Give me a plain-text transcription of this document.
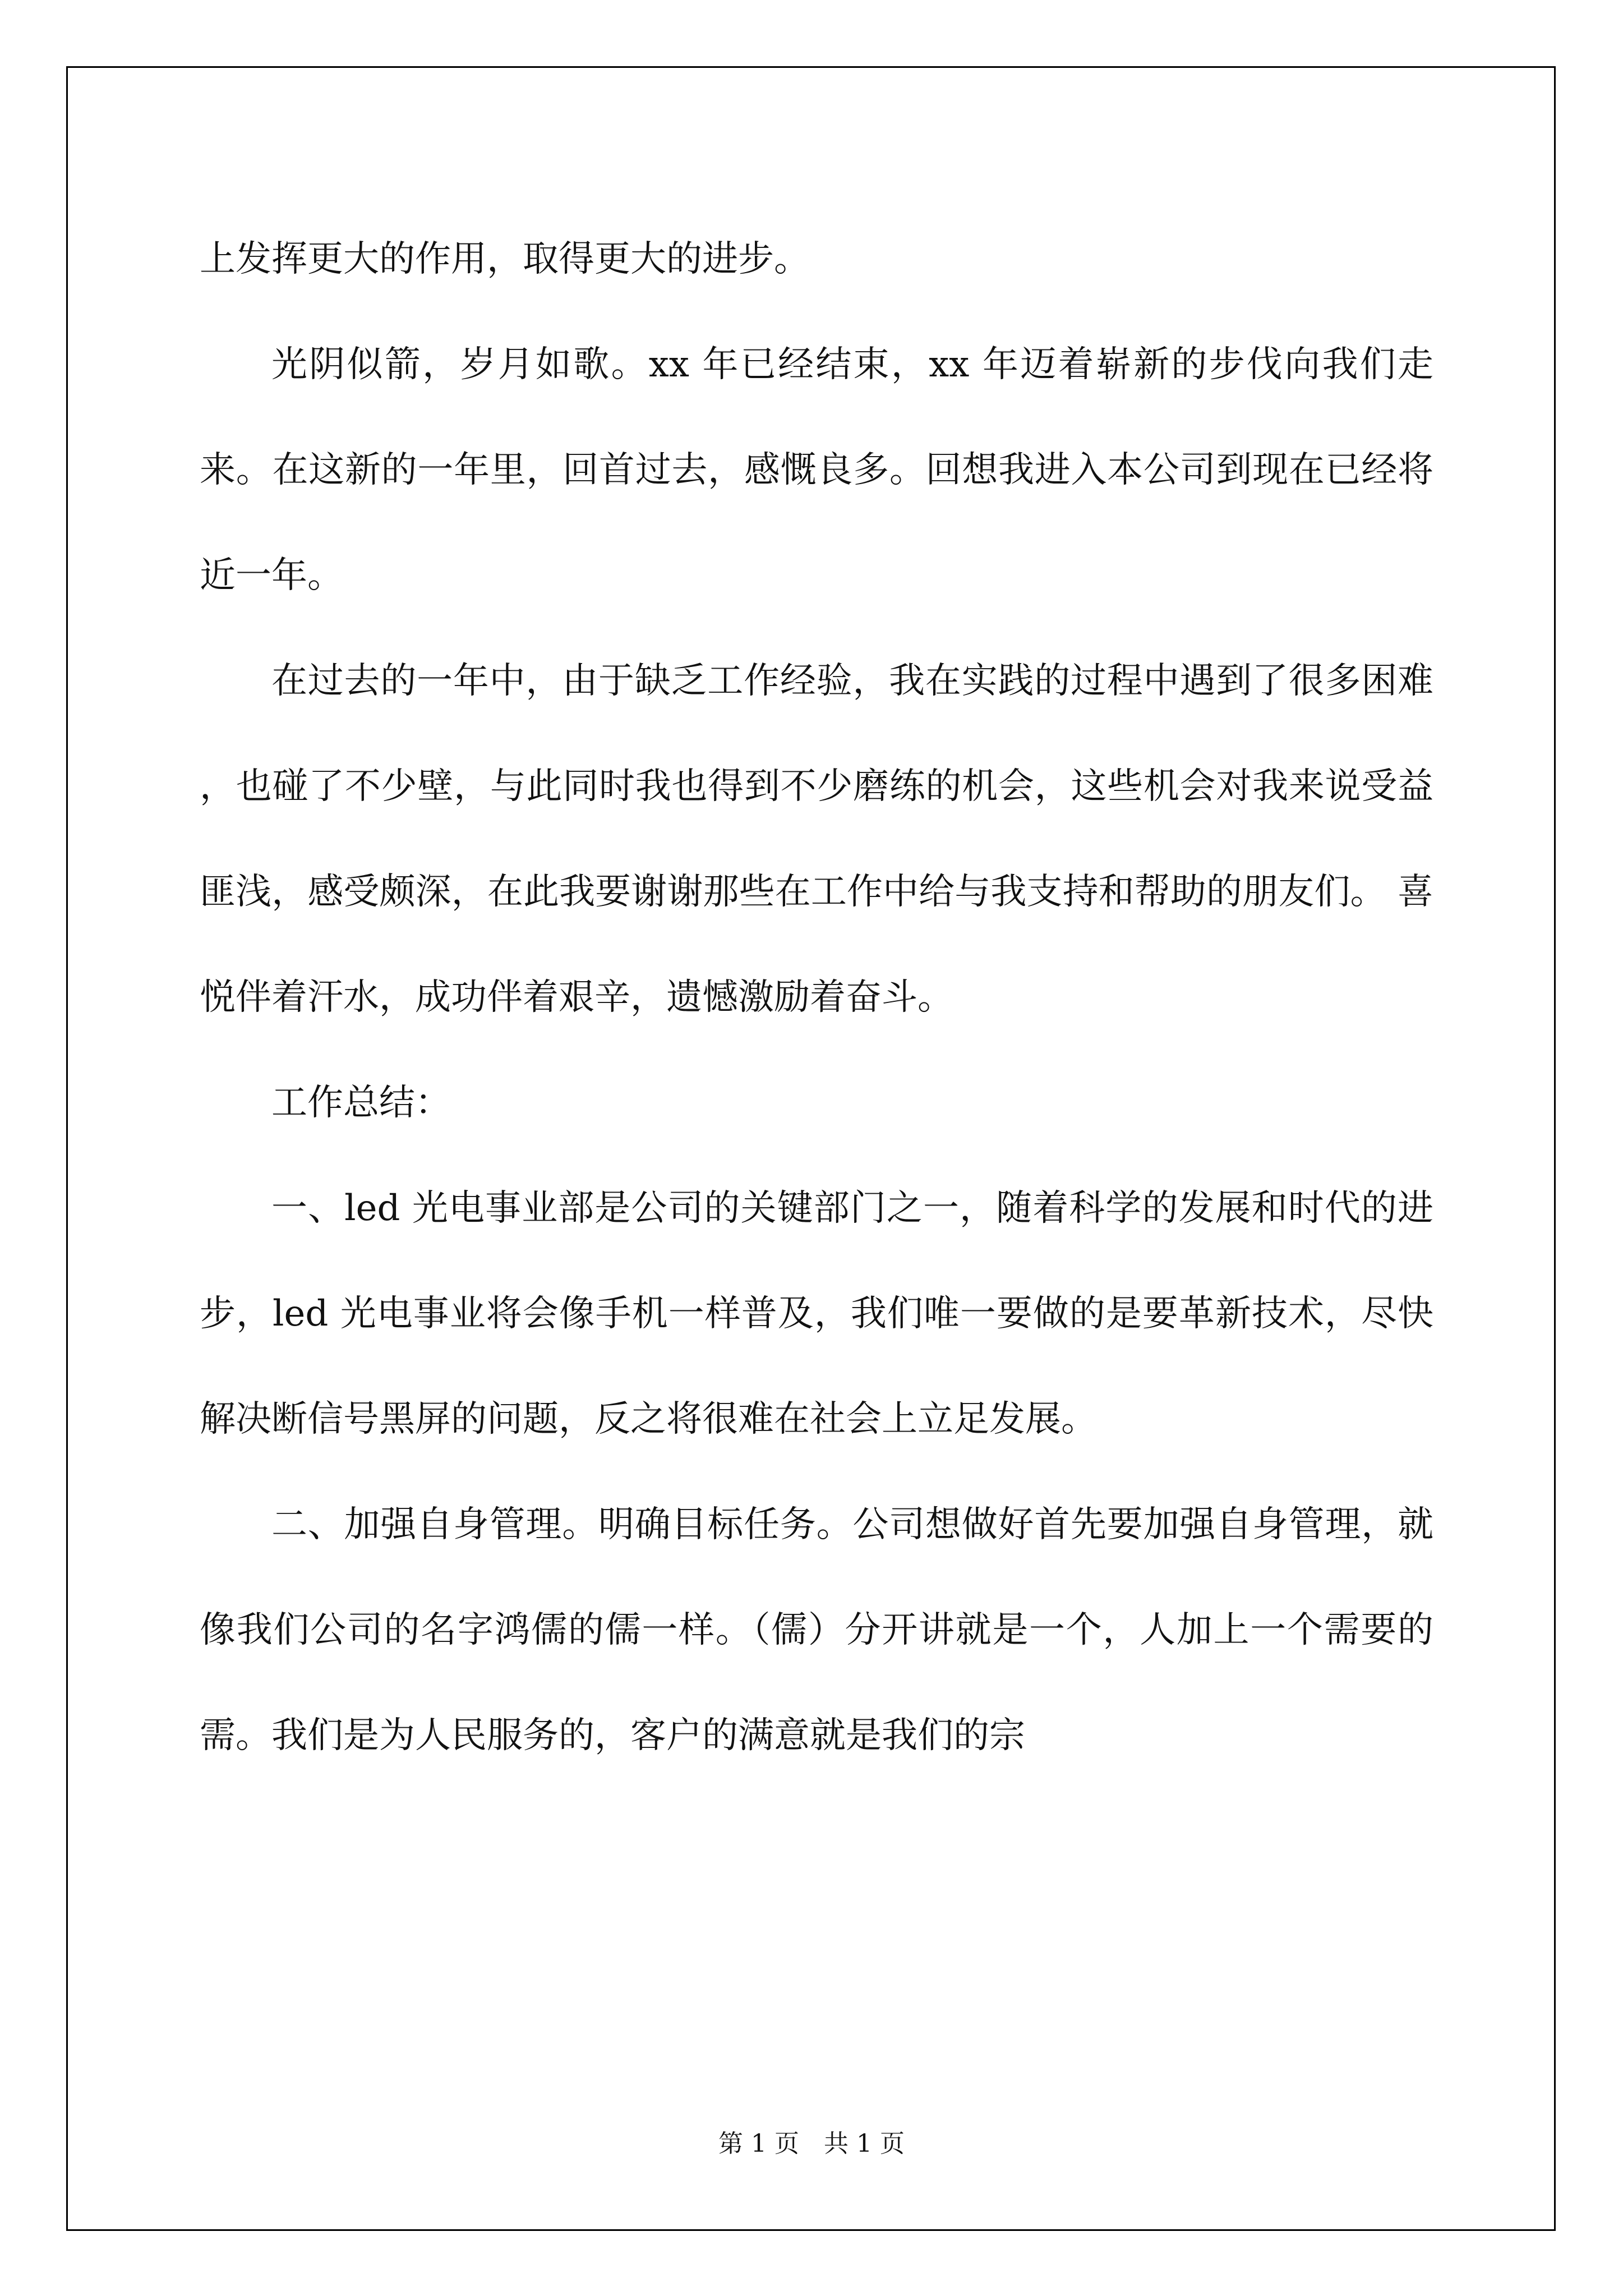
上发挥更大的作用，取得更大的进步。

光阴似箭，岁月如歌。xx 年已经结束，xx 年迈着崭新的步伐向我们走来。在这新的一年里，回首过去，感慨良多。回想我进入本公司到现在已经将近一年。

在过去的一年中，由于缺乏工作经验，我在实践的过程中遇到了很多困难 ，也碰了不少壁，与此同时我也得到不少磨练的机会，这些机会对我来说受益匪浅，感受颇深，在此我要谢谢那些在工作中给与我支持和帮助的朋友们。 喜悦伴着汗水，成功伴着艰辛，遗憾激励着奋斗。

工作总结：

一、led 光电事业部是公司的关键部门之一，随着科学的发展和时代的进步，led 光电事业将会像手机一样普及，我们唯一要做的是要革新技术，尽快解决断信号黑屏的问题，反之将很难在社会上立足发展。

二、加强自身管理。明确目标任务。公司想做好首先要加强自身管理，就像我们公司的名字鸿儒的儒一样。（儒）分开讲就是一个，人加上一个需要的需。我们是为人民服务的，客户的满意就是我们的宗

第 1 页　共 1 页
